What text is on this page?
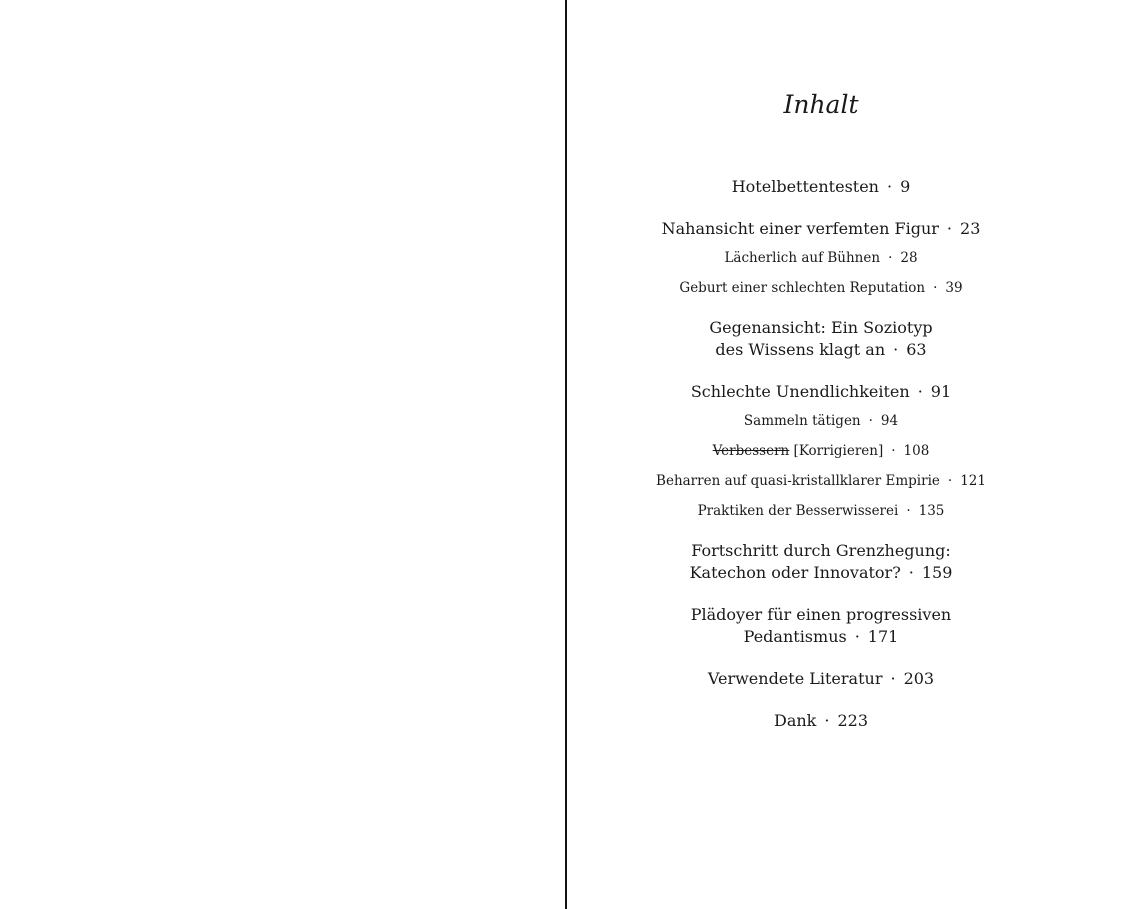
Inhalt
Hotelbettentesten · 9
Nahansicht einer verfemten Figur · 23
Lächerlich auf Bühnen · 28
Geburt einer schlechten Reputation · 39
Gegenansicht: Ein Soziotyp
des Wissens klagt an · 63
Schlechte Unendlichkeiten · 91
Sammeln tätigen · 94
Verbessern [Korrigieren] · 108
Beharren auf quasi-kristallklarer Empirie · 121
Praktiken der Besserwisserei · 135
Fortschritt durch Grenzhegung:
Katechon oder Innovator? · 159
Plädoyer für einen progressiven
Pedantismus · 171
Verwendete Literatur · 203
Dank · 223
